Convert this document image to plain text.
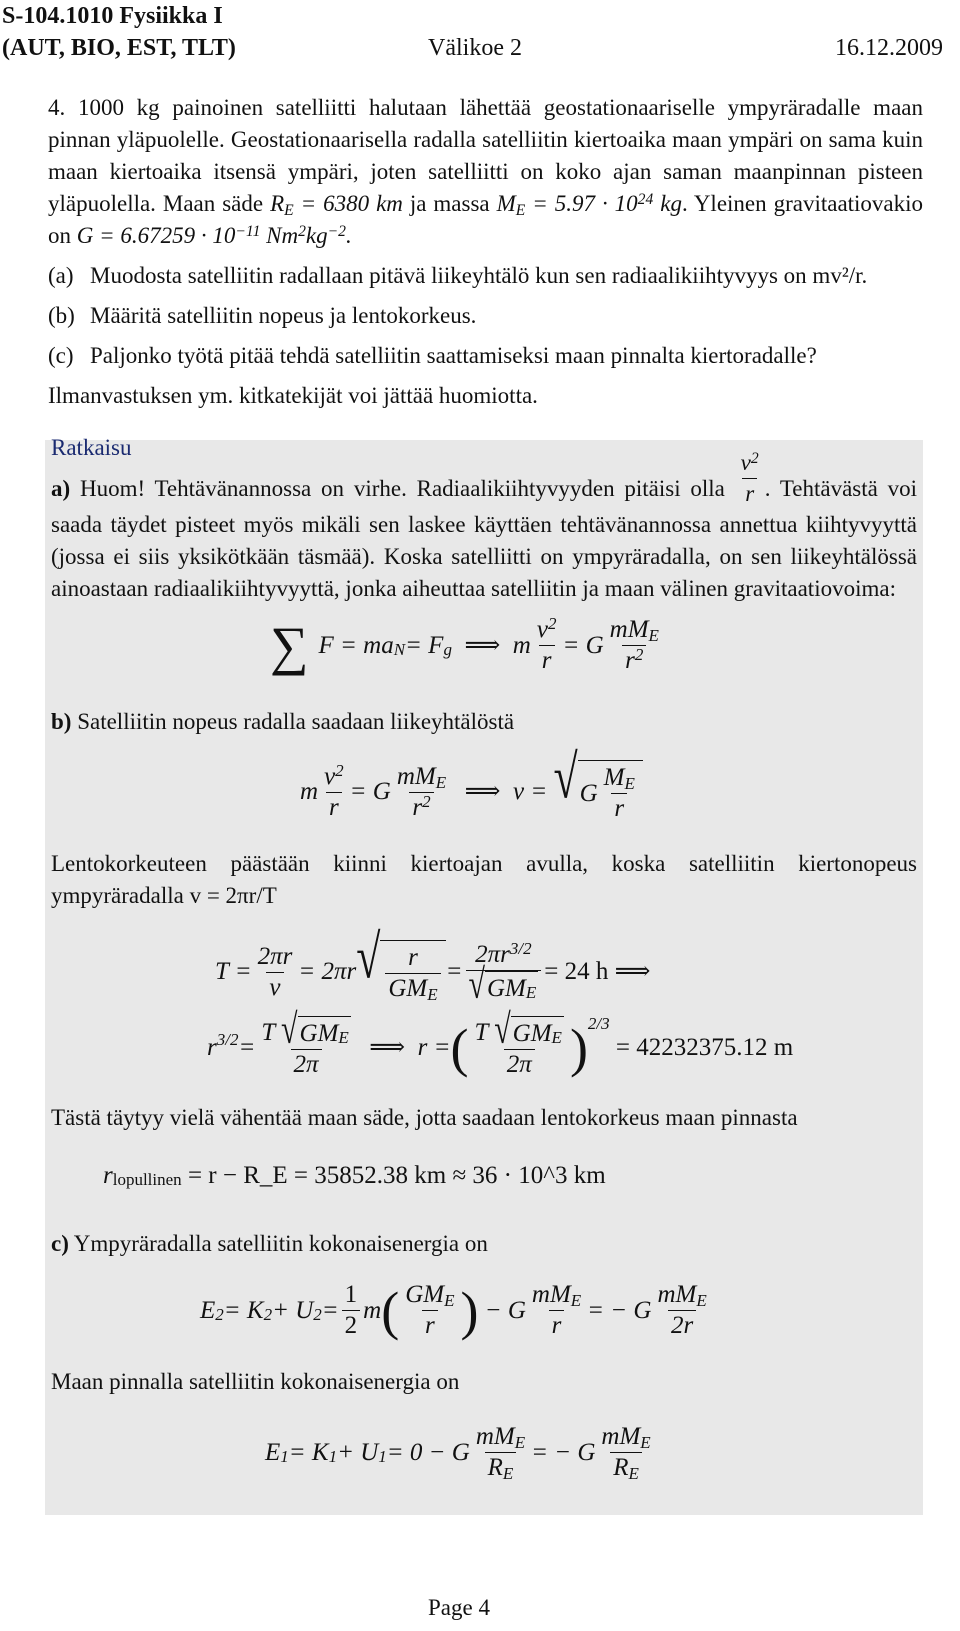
S-104.1010 Fysiikka I
(AUT, BIO, EST, TLT)	Välikoe 2	16.12.2009

4. 1000 kg painoinen satelliitti halutaan lähettää geostationaariselle ympyräradalle maan pinnan yläpuolelle. Geostationaarisella radalla satelliitin kiertoaika maan ympäri on sama kuin maan kiertoaika itsensä ympäri, joten satelliitti on koko ajan saman maanpinnan pisteen yläpuolella. Maan säde $R_E = 6380$ km ja massa $M_E = 5.97 \cdot 10^{24}$ kg. Yleinen gravitaatiovakio on $G = 6.67259 \cdot 10^{-11}$ $Nm^2kg^{-2}$.

(a) Muodosta satelliitin radallaan pitävä liikeyhtälö kun sen radiaalikiihtyvyys on mv²/r.

(b) Määritä satelliitin nopeus ja lentokorkeus.

(c) Paljonko työtä pitää tehdä satelliitin saattamiseksi maan pinnalta kiertoradalle?

Ilmanvastuksen ym. kitkatekijät voi jättää huomiotta.

Ratkaisu
a) Huom! Tehtävänannossa on virhe. Radiaalikiihtyvyyden pitäisi olla $\frac{v^2}{r}$ . Tehtävästä voi saada täydet pisteet myös mikäli sen laskee käyttäen tehtävänannossa annettua kiihtyvyyttä (jossa ei siis yksikötkään täsmää). Koska satelliitti on ympyräradalla, on sen liikeyhtälössä ainoastaan radiaalikiihtyvyyttä, jonka aiheuttaa satelliitin ja maan välinen gravitaatiovoima:
∑ $F = ma_N = F_g$
⟹ m $\frac{v^2}{r} = G \frac{mM_E}{r^2}$
b) Satelliitin nopeus radalla saadaan liikeyhtälöstä
m $\frac{v^2}{r} = G \frac{mM_E}{r^2}$
⟹ v = √ G $\frac{M_E}{r}$
Lentokorkeuteen päästään kiinni kiertoajan avulla, koska satelliitin kiertonopeus ympyräradalla v = 2πr/T
$T = \frac{2\pi r}{v} = 2\pi r$ √ $\frac{r}{GM_E} = \frac{2\pi r^{3/2}}{√ GM_E} = 24$ h
⟹
$r^{3/2} = \frac{T √ GM_E}{2\pi}$
⟹ r = ( $\frac{T √ GM_E}{2\pi} )^{2/3}$

= 42232375.12 m
Tästä täytyy vielä vähentää maan säde, jotta saadaan lentokorkeus maan pinnasta
$r_{lopullinen}$
= r − R_E = 35852.38 km ≈ 36 · 10^3 km
c) Ympyräradalla satelliitin kokonaisenergia on
$E_2 = K_2 + U_2 = \frac{1}{2}$ m ( $\frac{GM_E}{r}$ ) − G $\frac{mM_E}{r}$ = − G $\frac{mM_E}{2r}$
Maan pinnalla satelliitin kokonaisenergia on
$E_1 = K_1 + U_1 = 0 - G \frac{mM_E}{R_E}$ = − G $\frac{mM_E}{R_E}$
Page 4
